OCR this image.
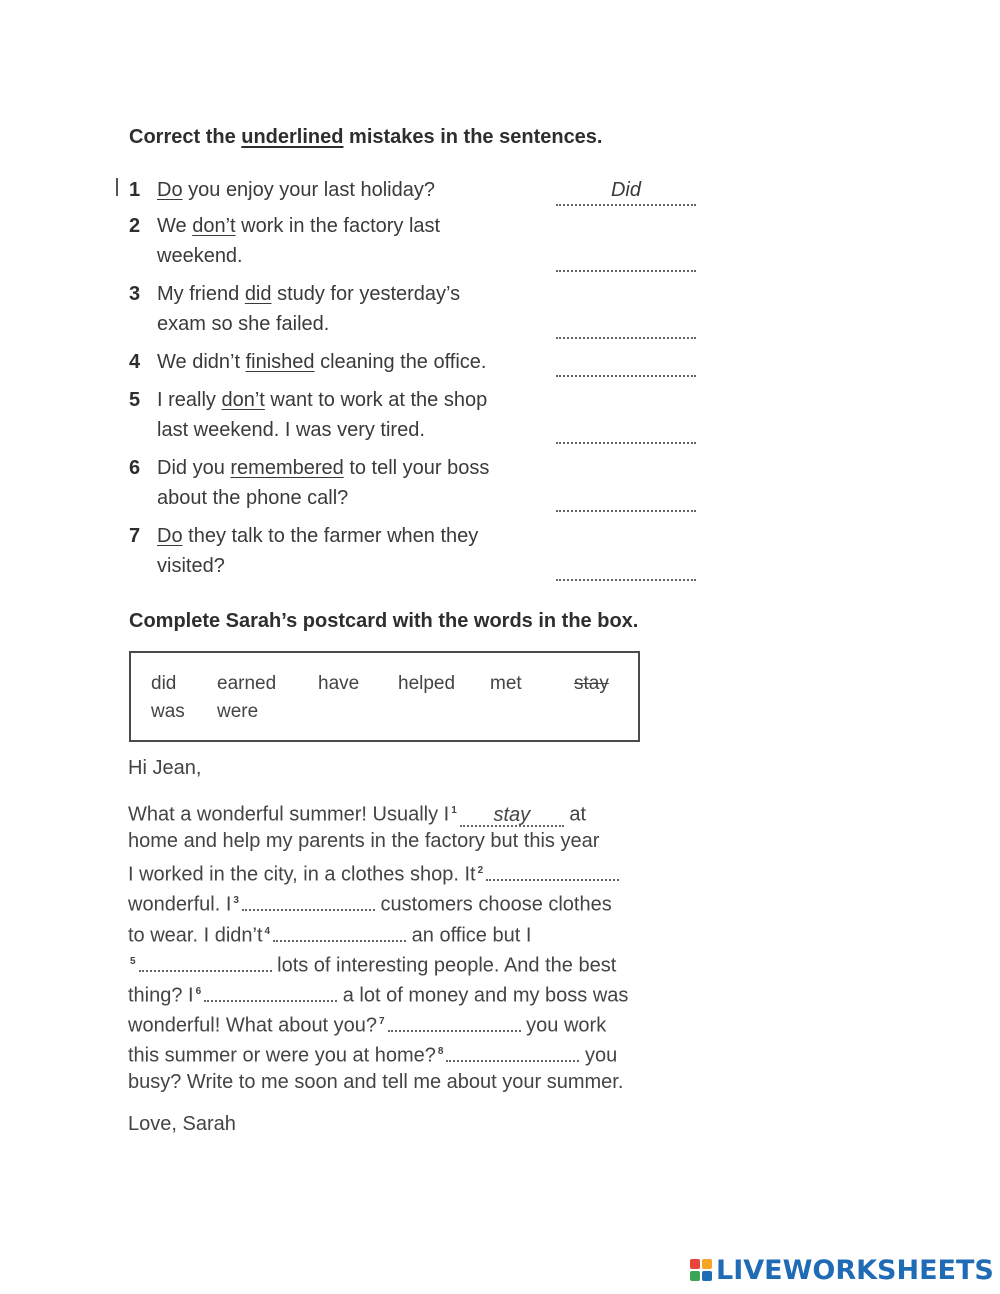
Correct the underlined mistakes in the sentences.
1 Do you enjoy your last holiday?	Did
2 We don’t work in the factory last
weekend.
3 My friend did study for yesterday’s
exam so she failed.
4 We didn’t finished cleaning the office.
5 I really don’t want to work at the shop
last weekend. I was very tired.
6 Did you remembered to tell your boss
about the phone call?
7 Do they talk to the farmer when they
visited?
Complete Sarah’s postcard with the words in the box.
did earned have helped met	stay
was were
Hi Jean,
What a wonderful summer! Usually I $^1$ stay at
home and help my parents in the factory but this year
I worked in the city, in a clothes shop. It $^2$
wonderful. I $^3$	customers choose clothes
to wear. I didn’t $^4$	an office but I
$^5$	lots of interesting people. And the best
thing? I $^6$	a lot of money and my boss was
wonderful! What about you? $^7$	you work
this summer or were you at home? $^8$	you
busy? Write to me soon and tell me about your summer.
Love, Sarah
LIVEWORKSHEETS
